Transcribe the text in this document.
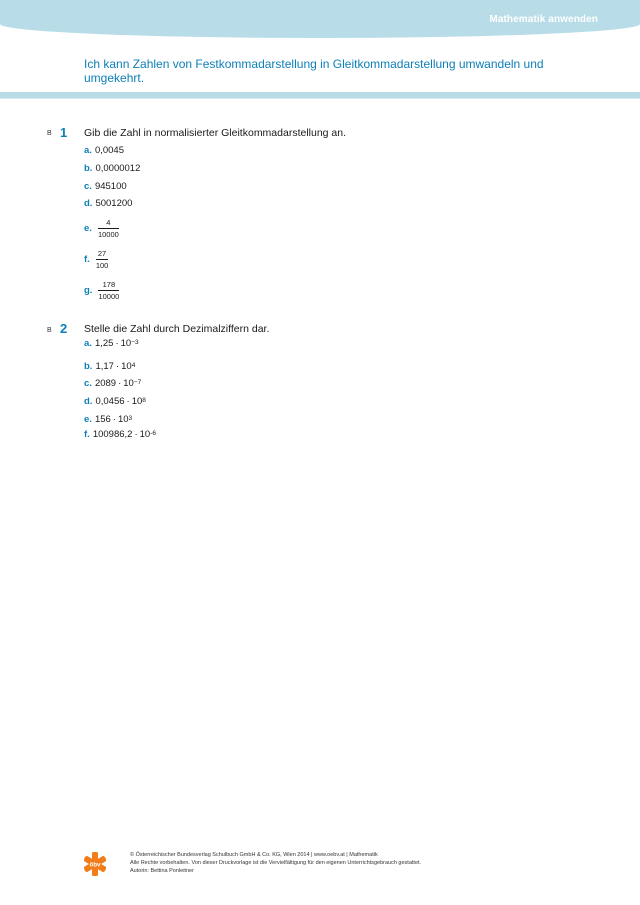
Mathematik anwenden
Ich kann Zahlen von Festkommadarstellung in Gleitkommadarstellung umwandeln und umgekehrt.
B 1 Gib die Zahl in normalisierter Gleitkommadarstellung an.
a. 0,0045
b. 0,0000012
c. 945100
d. 5001200
e. $\frac{4}{10000}$
f. $\frac{27}{100}$
g. $\frac{178}{10000}$
B 2 Stelle die Zahl durch Dezimalziffern dar.
a. $1,25 \cdot 10^{-3}$
b. $1,17 \cdot 10^4$
c. $2089 \cdot 10^{-7}$
d. $0,0456 \cdot 10^8$
e. $156 \cdot 10^3$
f. $100986,2 \cdot 10^{-6}$
öbv
© Österreichischer Bundesverlag Schulbuch GmbH & Co. KG, Wien 2014 | www.oebv.at | Mathematik
Alle Rechte vorbehalten. Von dieser Druckvorlage ist die Vervielfältigung für den eigenen Unterrichtsgebrauch gestattet.
Autorin: Bettina Ponleitner
